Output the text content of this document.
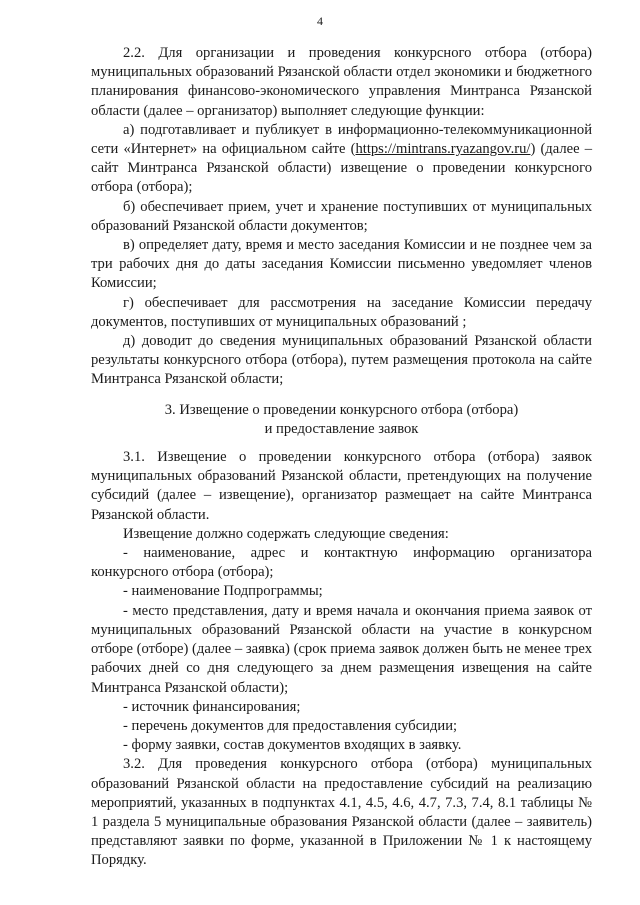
4

2.2. Для организации и проведения конкурсного отбора (отбора) муниципальных образований Рязанской области отдел экономики и бюджетного планирования финансово-экономического управления Минтранса Рязанской области (далее – организатор) выполняет следующие функции:

а) подготавливает и публикует в информационно-телекоммуникационной сети «Интернет» на официальном сайте (https://mintrans.ryazangov.ru/) (далее – сайт Минтранса Рязанской области) извещение о проведении конкурсного отбора (отбора);

б) обеспечивает прием, учет и хранение поступивших от муниципальных образований Рязанской области документов;

в) определяет дату, время и место заседания Комиссии и не позднее чем за три рабочих дня до даты заседания Комиссии письменно уведомляет членов Комиссии;

г) обеспечивает для рассмотрения на заседание Комиссии передачу документов, поступивших от муниципальных образований ;

д) доводит до сведения муниципальных образований Рязанской области результаты конкурсного отбора (отбора), путем размещения протокола на сайте Минтранса Рязанской области;

3. Извещение о проведении конкурсного отбора (отбора)
и предоставление заявок

3.1. Извещение о проведении конкурсного отбора (отбора) заявок муниципальных образований Рязанской области, претендующих на получение субсидий (далее – извещение), организатор размещает на сайте Минтранса Рязанской области.

Извещение должно содержать следующие сведения:

- наименование, адрес и контактную информацию организатора конкурсного отбора (отбора);

- наименование Подпрограммы;

- место представления, дату и время начала и окончания приема заявок от муниципальных образований Рязанской области на участие в конкурсном отборе (отборе) (далее – заявка) (срок приема заявок должен быть не менее трех рабочих дней со дня следующего за днем размещения извещения на сайте Минтранса Рязанской области);

- источник финансирования;

- перечень документов для предоставления субсидии;

- форму заявки, состав документов входящих в заявку.

3.2. Для проведения конкурсного отбора (отбора) муниципальных образований Рязанской области на предоставление субсидий на реализацию мероприятий, указанных в подпунктах 4.1, 4.5, 4.6, 4.7, 7.3, 7.4, 8.1 таблицы № 1 раздела 5 муниципальные образования Рязанской области (далее – заявитель) представляют заявки по форме, указанной в Приложении № 1 к настоящему Порядку.
